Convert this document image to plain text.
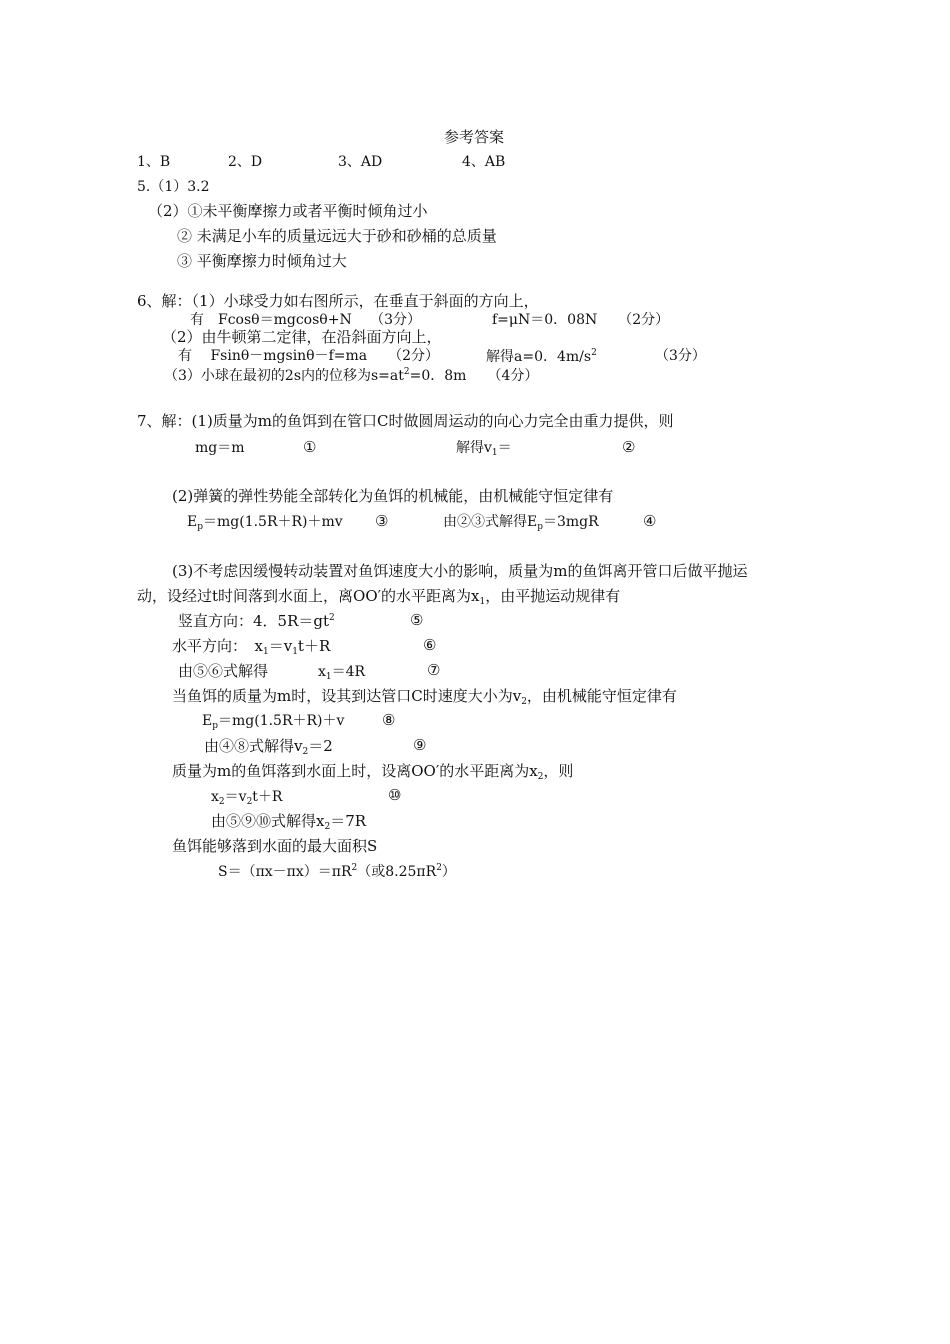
参考答案
1、B	2、D	3、AD	4、AB
5.（1）3.2
（2）①未平衡摩擦力或者平衡时倾角过小
② 未满足小车的质量远远大于砂和砂桶的总质量
③ 平衡摩擦力时倾角过大
6、解：（1）小球受力如右图所示，在垂直于斜面的方向上，
有　Fcosθ＝mgcosθ+N　 （3分）	f=μN＝0．08N　　（2分）
（2）由牛顿第二定律，在沿斜面方向上，
有　 Fsinθ－mgsinθ－f=ma　　（2分）	解得a=0．$4m/s^2$	（3分）
（3）小球在最初的2s内的位移为$s=at^2=0$．8m　　（4分）
7、解：(1)质量为m的鱼饵到在管口C时做圆周运动的向心力完全由重力提供，则
mg＝m	①	解得$v_1=$	②
(2)弹簧的弹性势能全部转化为鱼饵的机械能，由机械能守恒定律有
$E_p=mg(1.5R+R)+mv$ ③	由②③式解得$E_p=3mgR$	④
(3)不考虑因缓慢转动装置对鱼饵速度大小的影响，质量为m的鱼饵离开管口后做平抛运
动，设经过t时间落到水面上，离OO′的水平距离为$x_1$，由平抛运动规律有
竖直方向：4．$5R=gt^2$	⑤
水平方向：　$x_1=v_1t+R$	⑥
由⑤⑥式解得	$x_1=4R$	⑦
当鱼饵的质量为m时，设其到达管口C时速度大小为$v_2$，由机械能守恒定律有
$E_p=mg(1.5R+R)+v$	⑧
由④⑧式解得$v_2=2$	⑨
质量为m的鱼饵落到水面上时，设离OO′的水平距离为$x_2$，则
$x_2=v_2t+R$	⑩
由⑤⑨⑩式解得$x_2=7R$
鱼饵能够落到水面的最大面积S
$S=(\pi x-\pi x)=\pi R^2$（或$8.25\pi R^2$）
